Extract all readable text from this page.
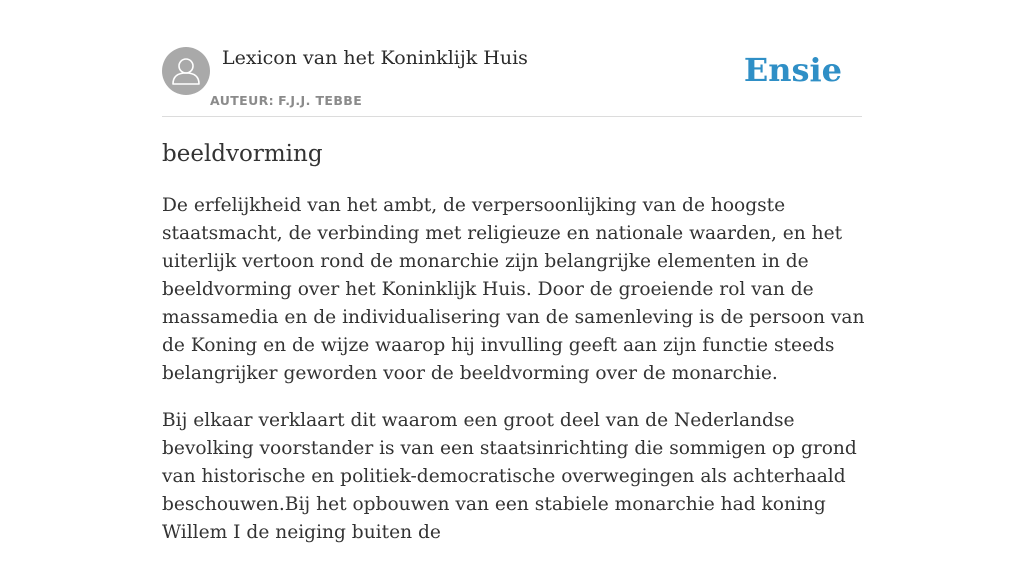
Lexicon van het Koninklijk Huis
AUTEUR: F.J.J. TEBBE
Ensie
beeldvorming

De erfelijkheid van het ambt, de verpersoonlijking van de hoogste staatsmacht, de verbinding met religieuze en nationale waarden, en het uiterlijk vertoon rond de monarchie zijn belangrijke elementen in de beeldvorming over het Koninklijk Huis. Door de groeiende rol van de massamedia en de individualisering van de samenleving is de persoon van de Koning en de wijze waarop hij invulling geeft aan zijn functie steeds belangrijker geworden voor de beeldvorming over de monarchie.

Bij elkaar verklaart dit waarom een groot deel van de Nederlandse bevolking voorstander is van een staatsinrichting die sommigen op grond van historische en politiek-democratische overwegingen als achterhaald beschouwen.Bij het opbouwen van een stabiele monarchie had koning Willem I de neiging buiten de
